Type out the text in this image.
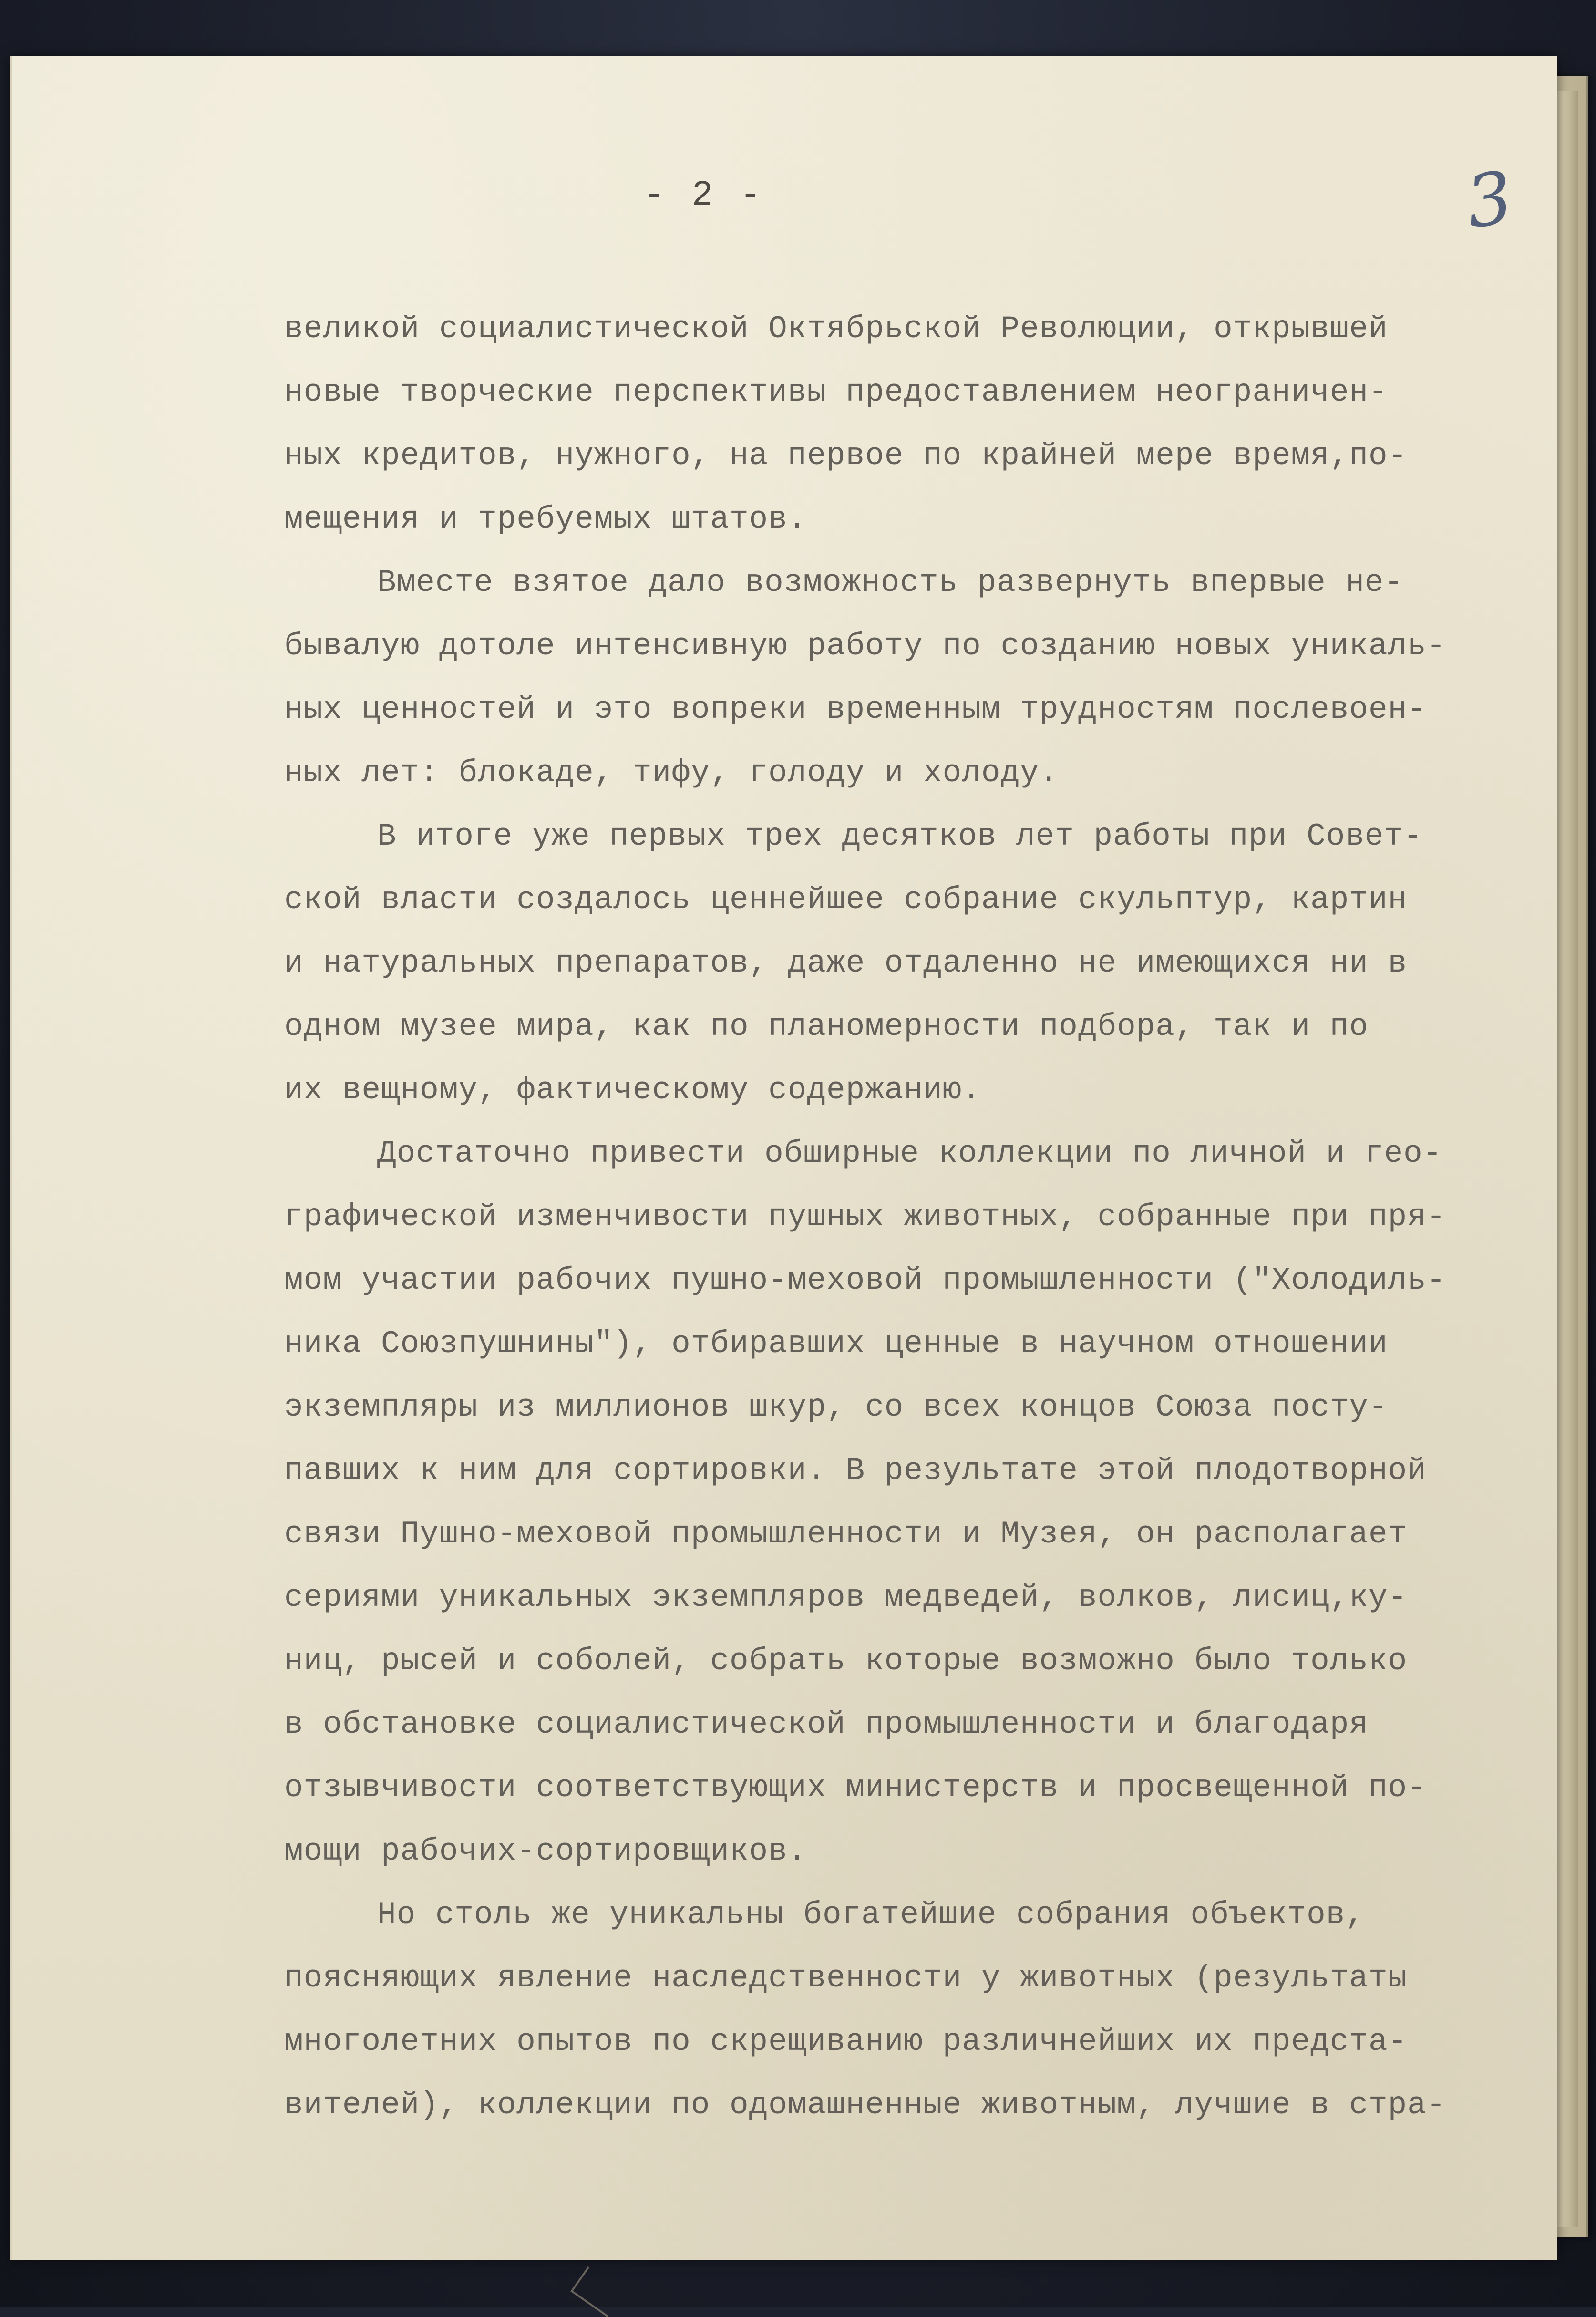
3
- 2 -
великой социалистической Октябрьской Революции, открывшей
новые творческие перспективы предоставлением неограничен-
ных кредитов, нужного, на первое по крайней мере время,по-
мещения и требуемых штатов.
Вместе взятое дало возможность развернуть впервые не-
бывалую дотоле интенсивную работу по созданию новых уникаль-
ных ценностей и это вопреки временным трудностям послевоен-
ных лет: блокаде, тифу, голоду и холоду.
В итоге уже первых трех десятков лет работы при Совет-
ской власти создалось ценнейшее собрание скульптур, картин
и натуральных препаратов, даже отдаленно не имеющихся ни в
одном музее мира, как по планомерности подбора, так и по
их вещному, фактическому содержанию.
Достаточно привести обширные коллекции по личной и гео-
графической изменчивости пушных животных, собранные при пря-
мом участии рабочих пушно-меховой промышленности ("Холодиль-
ника Союзпушнины"), отбиравших ценные в научном отношении
экземпляры из миллионов шкур, со всех концов Союза посту-
павших к ним для сортировки. В результате этой плодотворной
связи Пушно-меховой промышленности и Музея, он располагает
сериями уникальных экземпляров медведей, волков, лисиц,ку-
ниц, рысей и соболей, собрать которые возможно было только
в обстановке социалистической промышленности и благодаря
отзывчивости соответствующих министерств и просвещенной по-
мощи рабочих-сортировщиков.
Но столь же уникальны богатейшие собрания объектов,
поясняющих явление наследственности у животных (результаты
многолетних опытов по скрещиванию различнейших их предста-
вителей), коллекции по одомашненные животным, лучшие в стра-
